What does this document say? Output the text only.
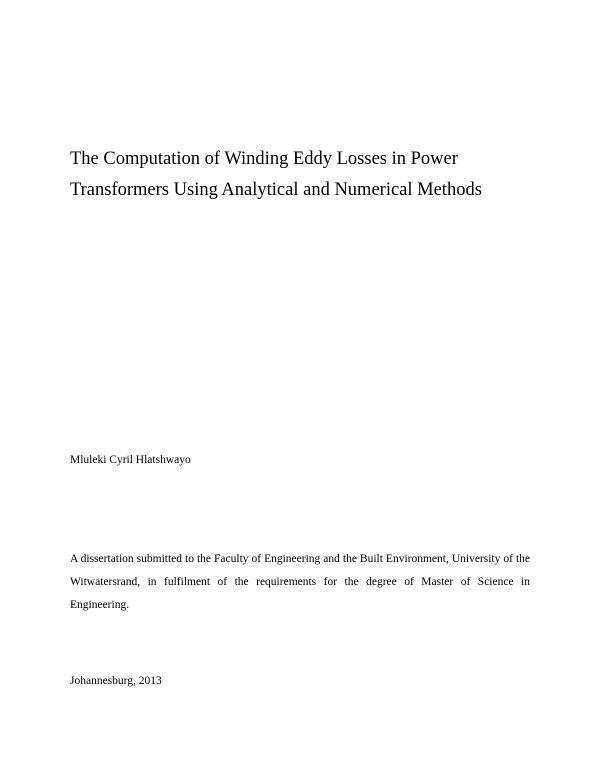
The Computation of Winding Eddy Losses in Power
Transformers Using Analytical and Numerical Methods
Mluleki Cyril Hlatshwayo
A dissertation submitted to the Faculty of Engineering and the Built Environment, University of the Witwatersrand, in fulfilment of the requirements for the degree of Master of Science in Engineering.
Johannesburg, 2013
